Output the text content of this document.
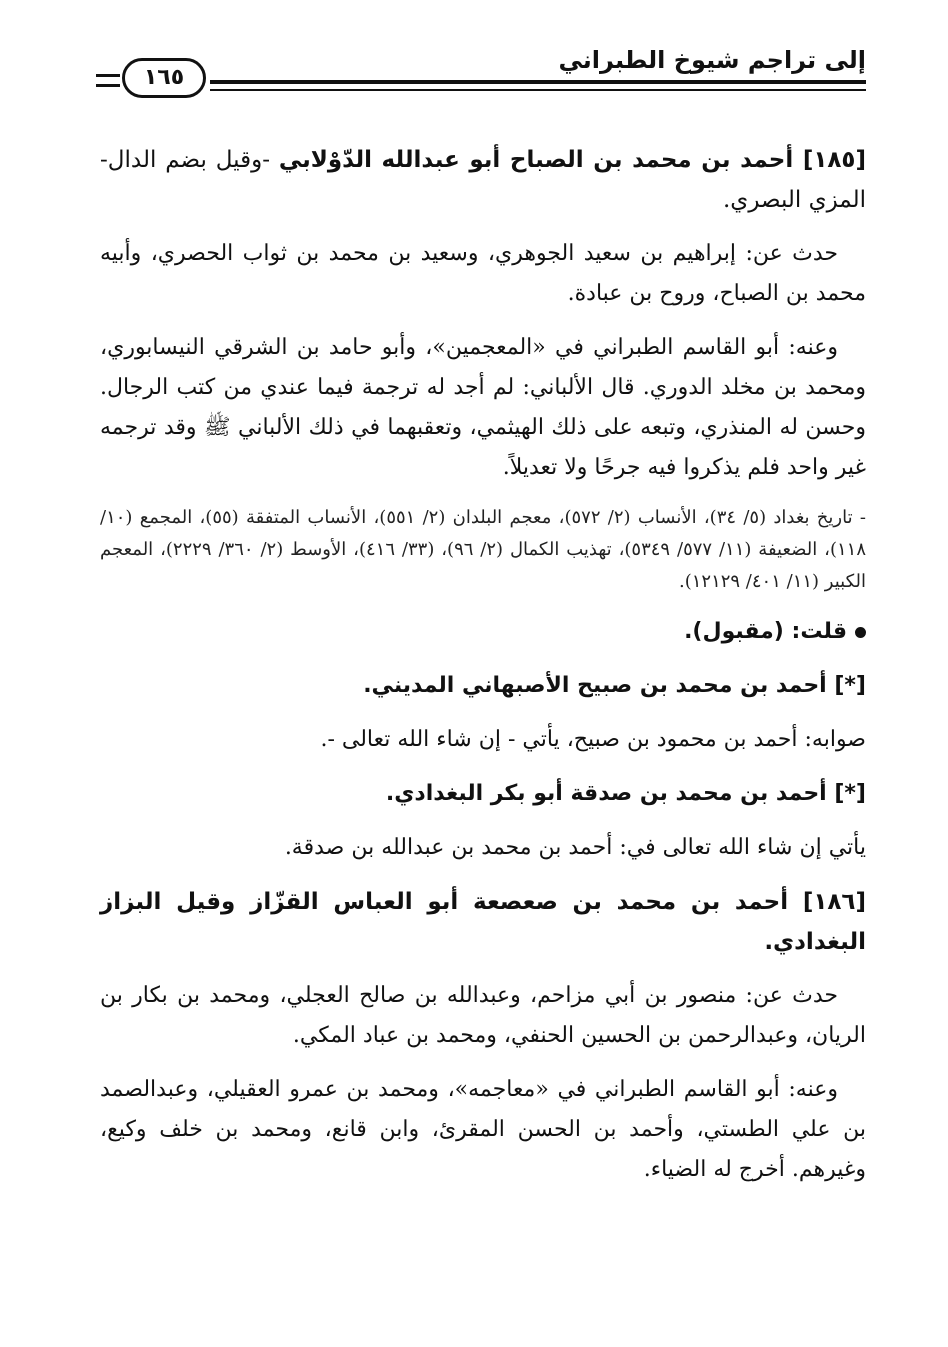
إلى تراجم شيوخ الطبراني
١٦٥

[١٨٥] أحمد بن محمد بن الصباح أبو عبدالله الدّوْلابي -وقيل بضم الدال- المزي البصري.

حدث عن: إبراهيم بن سعيد الجوهري، وسعيد بن محمد بن ثواب الحصري، وأبيه محمد بن الصباح، وروح بن عبادة.

وعنه: أبو القاسم الطبراني في «المعجمين»، وأبو حامد بن الشرقي النيسابوري، ومحمد بن مخلد الدوري. قال الألباني: لم أجد له ترجمة فيما عندي من كتب الرجال. وحسن له المنذري، وتبعه على ذلك الهيثمي، وتعقبهما في ذلك الألباني ﷺ وقد ترجمه غير واحد فلم يذكروا فيه جرحًا ولا تعديلاً.

- تاريخ بغداد (٥/ ٣٤)، الأنساب (٢/ ٥٧٢)، معجم البلدان (٢/ ٥٥١)، الأنساب المتفقة (٥٥)، المجمع (١٠/ ١١٨)، الضعيفة (١١/ ٥٧٧/ ٥٣٤٩)، تهذيب الكمال (٢/ ٩٦)، (٣٣/ ٤١٦)، الأوسط (٢/ ٣٦٠/ ٢٢٢٩)، المعجم الكبير (١١/ ٤٠١/ ١٢١٢٩).

قلت: (مقبول).

[*] أحمد بن محمد بن صبيح الأصبهاني المديني.

صوابه: أحمد بن محمود بن صبيح، يأتي - إن شاء الله تعالى -.

[*] أحمد بن محمد بن صدقة أبو بكر البغدادي.

يأتي إن شاء الله تعالى في: أحمد بن محمد بن عبدالله بن صدقة.

[١٨٦] أحمد بن محمد بن صعصعة أبو العباس القزّاز وقيل البزاز البغدادي.

حدث عن: منصور بن أبي مزاحم، وعبدالله بن صالح العجلي، ومحمد بن بكار بن الريان، وعبدالرحمن بن الحسين الحنفي، ومحمد بن عباد المكي.

وعنه: أبو القاسم الطبراني في «معاجمه»، ومحمد بن عمرو العقيلي، وعبدالصمد بن علي الطستي، وأحمد بن الحسن المقرئ، وابن قانع، ومحمد بن خلف وكيع، وغيرهم. أخرج له الضياء.
